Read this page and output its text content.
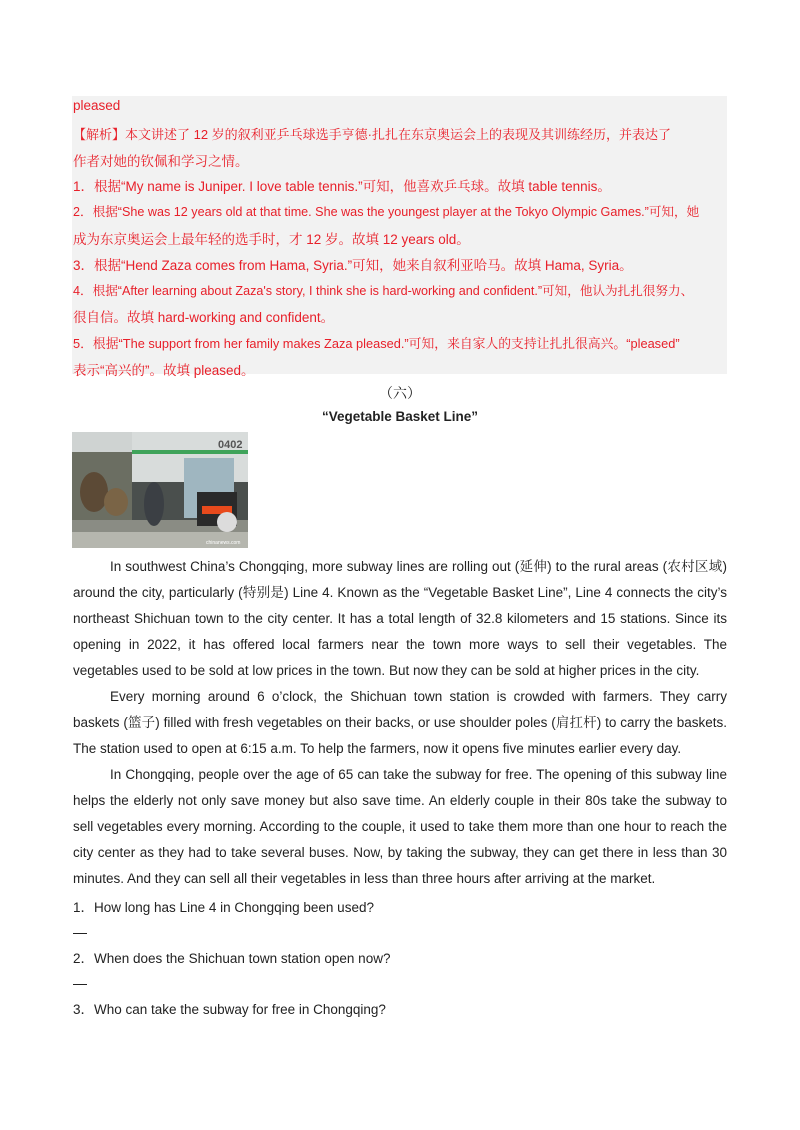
pleased
【解析】本文讲述了 12 岁的叙利亚乒乓球选手亨德·扎扎在东京奥运会上的表现及其训练经历，并表达了
作者对她的钦佩和学习之情。
1．根据“My name is Juniper. I love table tennis.”可知，他喜欢乒乓球。故填 table tennis。
2．根据“She was 12 years old at that time. She was the youngest player at the Tokyo Olympic Games.”可知，她
成为东京奥运会上最年轻的选手时，才 12 岁。故填 12 years old。
3．根据“Hend Zaza comes from Hama, Syria.”可知，她来自叙利亚哈马。故填 Hama, Syria。
4．根据“After learning about Zaza's story, I think she is hard-working and confident.”可知，他认为扎扎很努力、
很自信。故填 hard-working and confident。
5．根据“The support from her family makes Zaza pleased.”可知，来自家人的支持让扎扎很高兴。“pleased”
表示“高兴的”。故填 pleased。
（六）
“Vegetable Basket Line”
0402
chinanews.com

In southwest China’s Chongqing, more subway lines are rolling out (延伸) to the rural areas (农村区域) around the city, particularly (特别是) Line 4. Known as the “Vegetable Basket Line”, Line 4 connects the city’s northeast Shichuan town to the city center. It has a total length of 32.8 kilometers and 15 stations. Since its opening in 2022, it has offered local farmers near the town more ways to sell their vegetables. The vegetables used to be sold at low prices in the town. But now they can be sold at higher prices in the city.

Every morning around 6 o’clock, the Shichuan town station is crowded with farmers. They carry baskets (篮子) filled with fresh vegetables on their backs, or use shoulder poles (肩扛杆) to carry the baskets. The station used to open at 6:15 a.m. To help the farmers, now it opens five minutes earlier every day.

In Chongqing, people over the age of 65 can take the subway for free. The opening of this subway line helps the elderly not only save money but also save time. An elderly couple in their 80s take the subway to sell vegetables every morning. According to the couple, it used to take them more than one hour to reach the city center as they had to take several buses. Now, by taking the subway, they can get there in less than 30 minutes. And they can sell all their vegetables in less than three hours after arriving at the market.

1．How long has Line 4 in Chongqing been used?
2．When does the Shichuan town station open now?
3．Who can take the subway for free in Chongqing?
